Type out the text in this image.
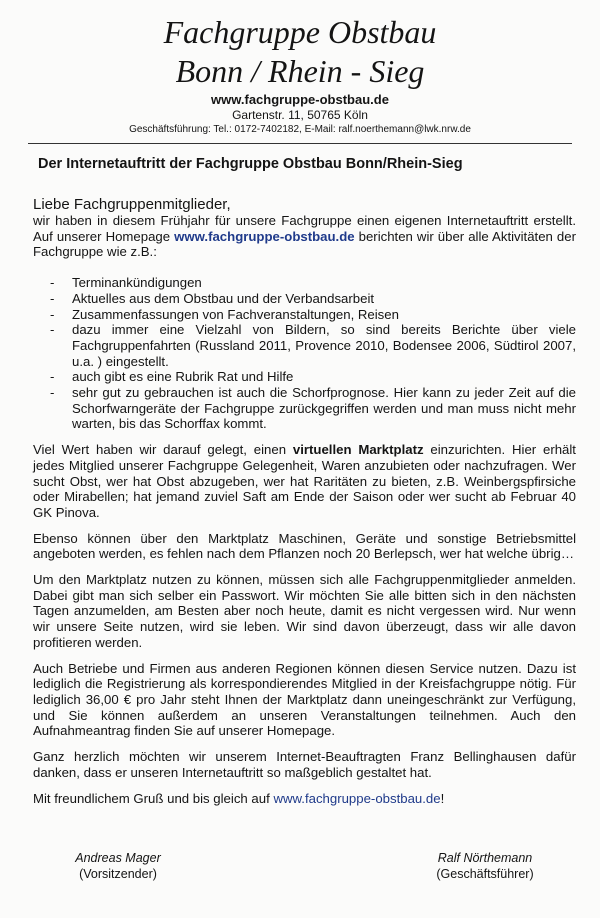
Fachgruppe Obstbau
Bonn / Rhein - Sieg
www.fachgruppe-obstbau.de
Gartenstr. 11, 50765 Köln
Geschäftsführung: Tel.: 0172-7402182, E-Mail: ralf.noerthemann@lwk.nrw.de
Der Internetauftritt der Fachgruppe Obstbau Bonn/Rhein-Sieg

Liebe Fachgruppenmitglieder,

wir haben in diesem Frühjahr für unsere Fachgruppe einen eigenen Internetauftritt erstellt. Auf unserer Homepage www.fachgruppe-obstbau.de berichten wir über alle Aktivitäten der Fachgruppe wie z.B.:

- Terminankündigungen
- Aktuelles aus dem Obstbau und der Verbandsarbeit
- Zusammenfassungen von Fachveranstaltungen, Reisen
- dazu immer eine Vielzahl von Bildern, so sind bereits Berichte über viele Fachgruppenfahrten (Russland 2011, Provence 2010, Bodensee 2006, Südtirol 2007, u.a. ) eingestellt.
- auch gibt es eine Rubrik Rat und Hilfe
- sehr gut zu gebrauchen ist auch die Schorfprognose. Hier kann zu jeder Zeit auf die Schorfwarngeräte der Fachgruppe zurückgegriffen werden und man muss nicht mehr warten, bis das Schorffax kommt.

Viel Wert haben wir darauf gelegt, einen virtuellen Marktplatz einzurichten. Hier erhält jedes Mitglied unserer Fachgruppe Gelegenheit, Waren anzubieten oder nachzufragen. Wer sucht Obst, wer hat Obst abzugeben, wer hat Raritäten zu bieten, z.B. Weinbergspfirsiche oder Mirabellen; hat jemand zuviel Saft am Ende der Saison oder wer sucht ab Februar 40 GK Pinova.

Ebenso können über den Marktplatz Maschinen, Geräte und sonstige Betriebsmittel angeboten werden, es fehlen nach dem Pflanzen noch 20 Berlepsch, wer hat welche übrig…

Um den Marktplatz nutzen zu können, müssen sich alle Fachgruppenmitglieder anmelden. Dabei gibt man sich selber ein Passwort. Wir möchten Sie alle bitten sich in den nächsten Tagen anzumelden, am Besten aber noch heute, damit es nicht vergessen wird. Nur wenn wir unsere Seite nutzen, wird sie leben. Wir sind davon überzeugt, dass wir alle davon profitieren werden.

Auch Betriebe und Firmen aus anderen Regionen können diesen Service nutzen. Dazu ist lediglich die Registrierung als korrespondierendes Mitglied in der Kreisfachgruppe nötig. Für lediglich 36,00 € pro Jahr steht Ihnen der Marktplatz dann uneingeschränkt zur Verfügung, und Sie können außerdem an unseren Veranstaltungen teilnehmen. Auch den Aufnahmeantrag finden Sie auf unserer Homepage.

Ganz herzlich möchten wir unserem Internet-Beauftragten Franz Bellinghausen dafür danken, dass er unseren Internetauftritt so maßgeblich gestaltet hat.

Mit freundlichem Gruß und bis gleich auf www.fachgruppe-obstbau.de!

Andreas Mager
(Vorsitzender)
Ralf Nörthemann
(Geschäftsführer)
